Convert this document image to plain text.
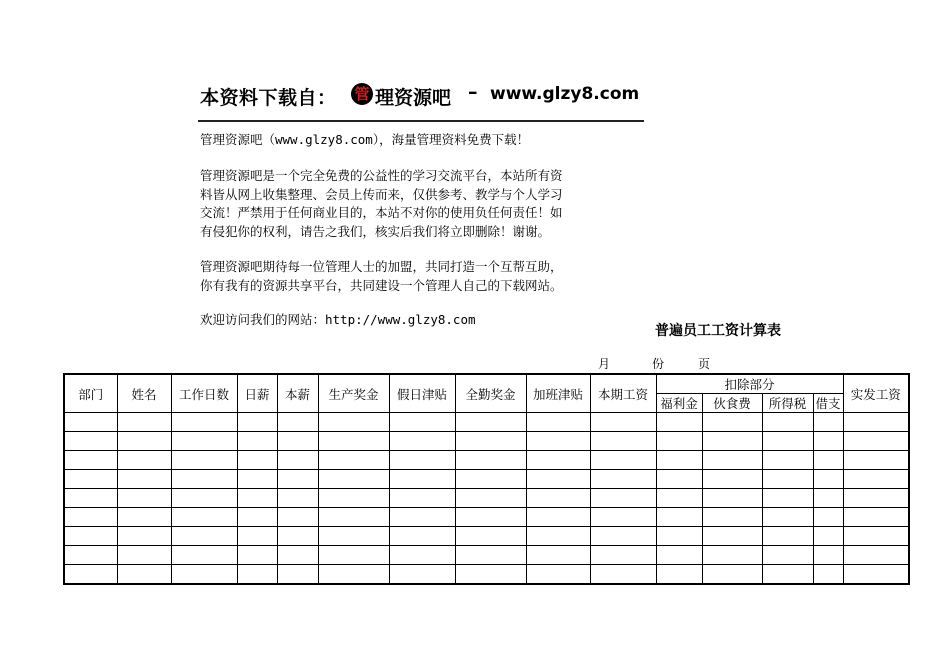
本资料下载自： 管 理资源吧 – www.glzy8.com
管理资源吧（www.glzy8.com），海量管理资料免费下载！
管理资源吧是一个完全免费的公益性的学习交流平台，本站所有资
料皆从网上收集整理、会员上传而来，仅供参考、教学与个人学习
交流！严禁用于任何商业目的，本站不对你的使用负任何责任！如
有侵犯你的权利，请告之我们，核实后我们将立即删除！谢谢。
管理资源吧期待每一位管理人士的加盟，共同打造一个互帮互助，
你有我有的资源共享平台，共同建设一个管理人自己的下载网站。
欢迎访问我们的网站：http://www.glzy8.com
普遍员工工资计算表
月	份	页
部门	姓名	工作日数	日薪	本薪	生产奖金	假日津贴	全勤奖金	加班津贴	本期工资	扣除部分				实发工资
										福利金	伙食费	所得税	借支	
